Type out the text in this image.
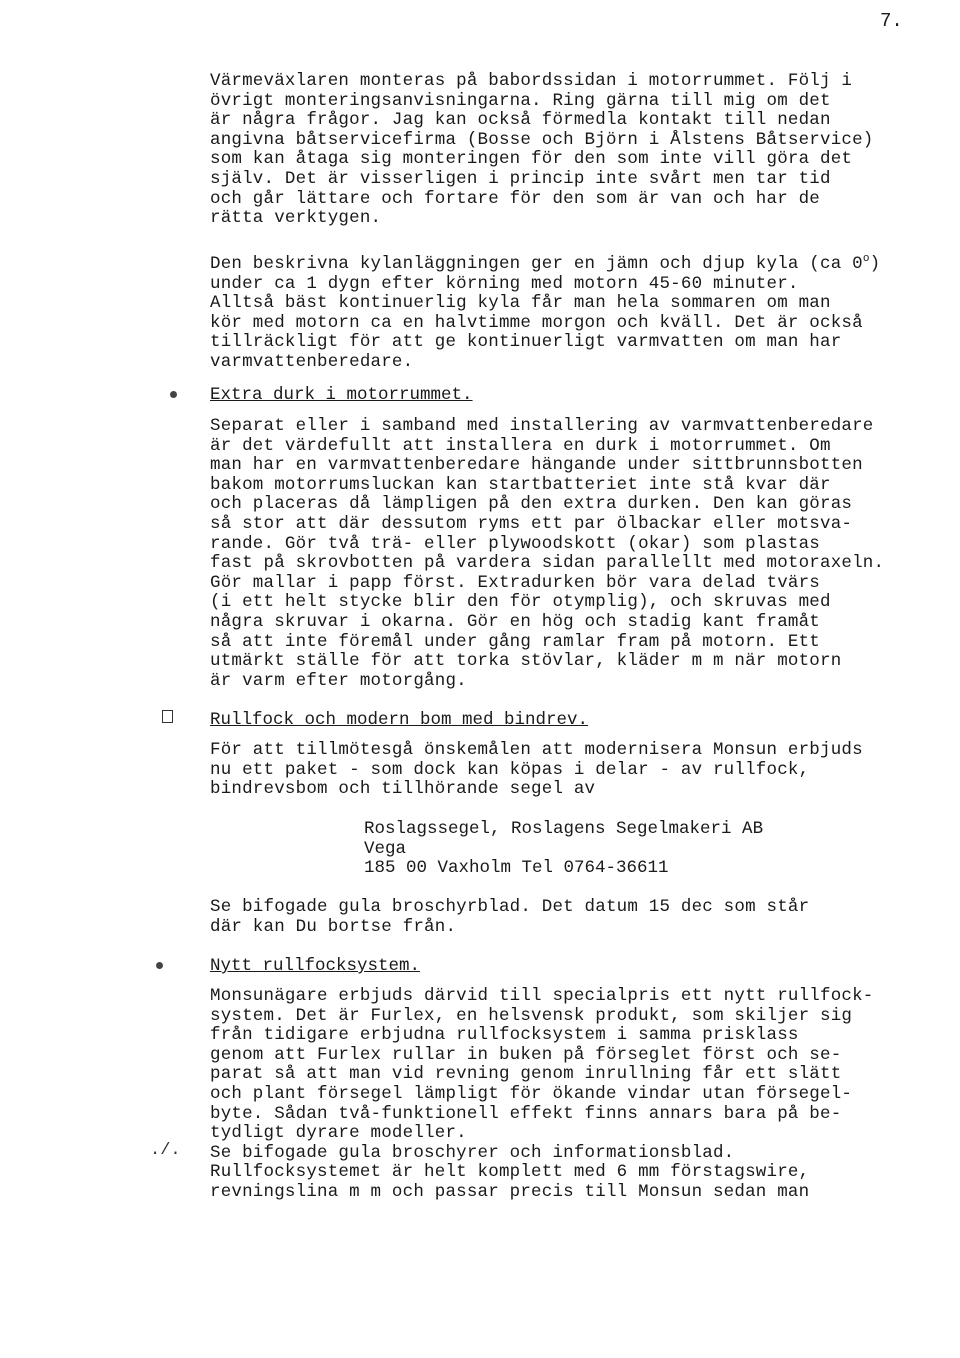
7.
Värmeväxlaren monteras på babordssidan i motorrummet. Följ i
övrigt monteringsanvisningarna. Ring gärna till mig om det
är några frågor. Jag kan också förmedla kontakt till nedan
angivna båtservicefirma (Bosse och Björn i Ålstens Båtservice)
som kan åtaga sig monteringen för den som inte vill göra det
själv. Det är visserligen i princip inte svårt men tar tid
och går lättare och fortare för den som är van och har de
rätta verktygen.
Den beskrivna kylanläggningen ger en jämn och djup kyla (ca 0$^o$)
under ca 1 dygn efter körning med motorn 45-60 minuter.
Alltså bäst kontinuerlig kyla får man hela sommaren om man
kör med motorn ca en halvtimme morgon och kväll. Det är också
tillräckligt för att ge kontinuerligt varmvatten om man har
varmvattenberedare.
Extra durk i motorrummet.
Separat eller i samband med installering av varmvattenberedare
är det värdefullt att installera en durk i motorrummet. Om
man har en varmvattenberedare hängande under sittbrunnsbotten
bakom motorrumsluckan kan startbatteriet inte stå kvar där
och placeras då lämpligen på den extra durken. Den kan göras
så stor att där dessutom ryms ett par ölbackar eller motsva-
rande. Gör två trä- eller plywoodskott (okar) som plastas
fast på skrovbotten på vardera sidan parallellt med motoraxeln.
Gör mallar i papp först. Extradurken bör vara delad tvärs
(i ett helt stycke blir den för otymplig), och skruvas med
några skruvar i okarna. Gör en hög och stadig kant framåt
så att inte föremål under gång ramlar fram på motorn. Ett
utmärkt ställe för att torka stövlar, kläder m m när motorn
är varm efter motorgång.
Rullfock och modern bom med bindrev.
För att tillmötesgå önskemålen att modernisera Monsun erbjuds
nu ett paket - som dock kan köpas i delar - av rullfock,
bindrevsbom och tillhörande segel av
Roslagssegel, Roslagens Segelmakeri AB
Vega
185 00 Vaxholm Tel 0764-36611
Se bifogade gula broschyrblad. Det datum 15 dec som står
där kan Du bortse från.
Nytt rullfocksystem.
Monsunägare erbjuds därvid till specialpris ett nytt rullfock-
system. Det är Furlex, en helsvensk produkt, som skiljer sig
från tidigare erbjudna rullfocksystem i samma prisklass
genom att Furlex rullar in buken på förseglet först och se-
parat så att man vid revning genom inrullning får ett slätt
och plant försegel lämpligt för ökande vindar utan försegel-
byte. Sådan två-funktionell effekt finns annars bara på be-
tydligt dyrare modeller.
Se bifogade gula broschyrer och informationsblad.
Rullfocksystemet är helt komplett med 6 mm förstagswire,
revningslina m m och passar precis till Monsun sedan man
./.
